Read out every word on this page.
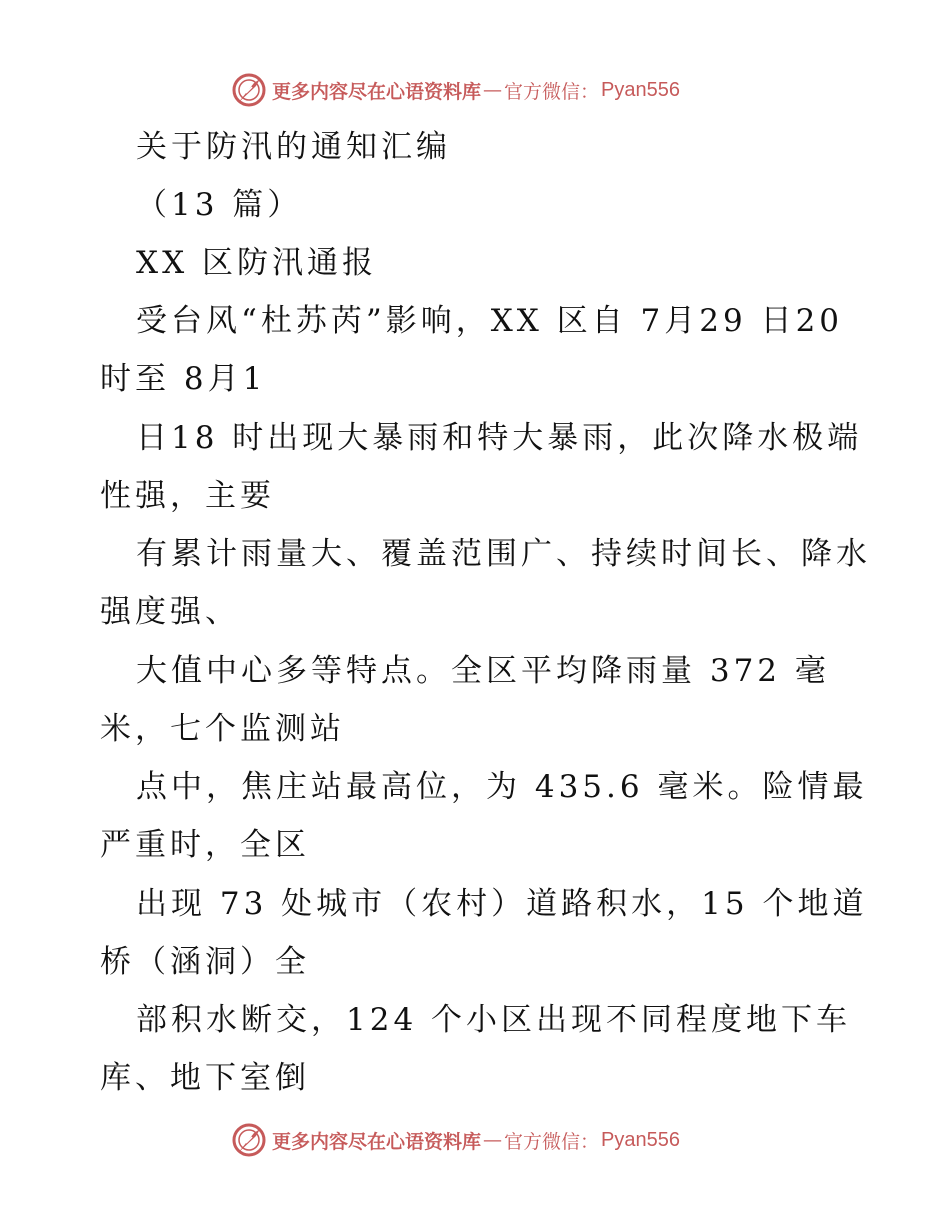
更多内容尽在心语资料库 — 官方微信： Pyan556
关于防汛的通知汇编
（13 篇）
XX 区防汛通报
受台风“杜苏芮”影响，XX 区自 7月29 日20
时至 8月1
日18 时出现大暴雨和特大暴雨，此次降水极端
性强，主要
有累计雨量大、覆盖范围广、持续时间长、降水
强度强、
大值中心多等特点。全区平均降雨量 372 毫
米，七个监测站
点中，焦庄站最高位，为 435.6 毫米。险情最
严重时，全区
出现 73 处城市（农村）道路积水，15 个地道
桥（涵洞）全
部积水断交，124 个小区出现不同程度地下车
库、地下室倒
更多内容尽在心语资料库 — 官方微信： Pyan556
